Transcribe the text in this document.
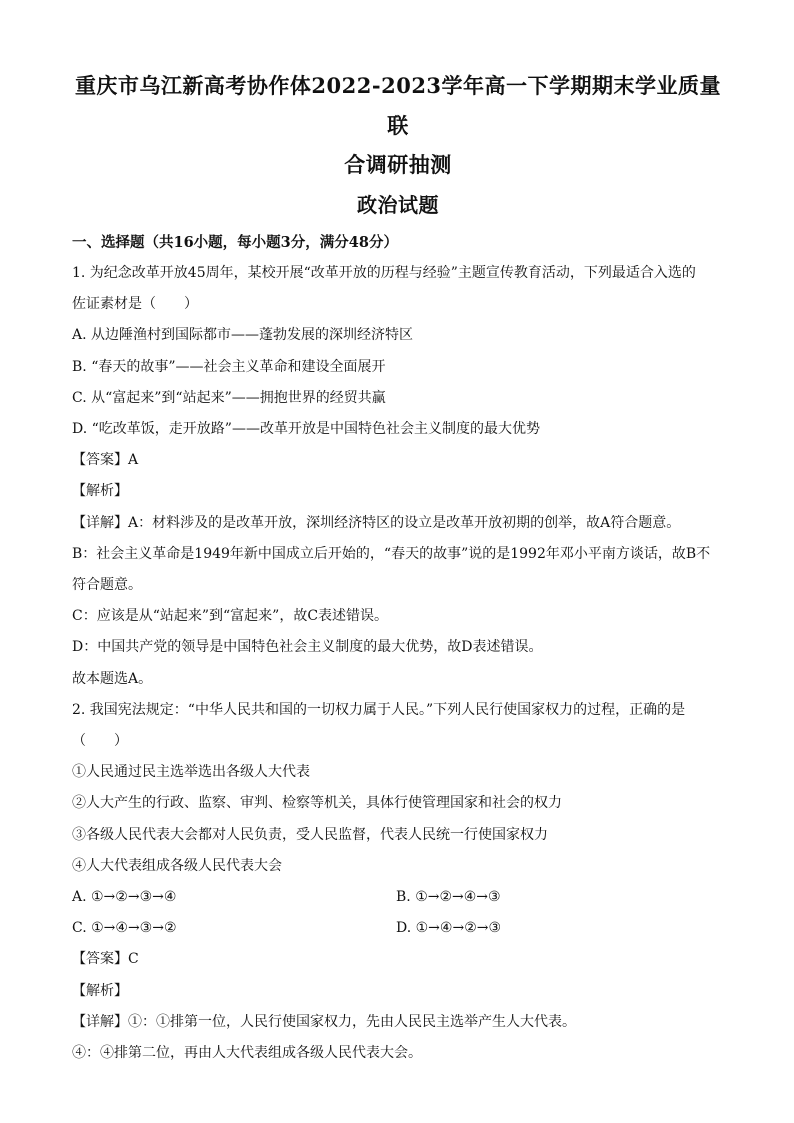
重庆市乌江新高考协作体2022-2023学年高一下学期期末学业质量联
合调研抽测
政治试题

一、选择题（共16小题，每小题3分，满分48分）

1. 为纪念改革开放45周年，某校开展“改革开放的历程与经验”主题宣传教育活动，下列最适合入选的

佐证素材是（　　）

A. 从边陲渔村到国际都市——蓬勃发展的深圳经济特区

B. “春天的故事”——社会主义革命和建设全面展开

C. 从“富起来”到“站起来”——拥抱世界的经贸共赢

D. “吃改革饭，走开放路”——改革开放是中国特色社会主义制度的最大优势

【答案】A

【解析】

【详解】A：材料涉及的是改革开放，深圳经济特区的设立是改革开放初期的创举，故A符合题意。

B：社会主义革命是1949年新中国成立后开始的，“春天的故事”说的是1992年邓小平南方谈话，故B不

符合题意。

C：应该是从“站起来”到“富起来”，故C表述错误。

D：中国共产党的领导是中国特色社会主义制度的最大优势，故D表述错误。

故本题选A。

2. 我国宪法规定：“中华人民共和国的一切权力属于人民。”下列人民行使国家权力的过程，正确的是

（　　）

①人民通过民主选举选出各级人大代表

②人大产生的行政、监察、审判、检察等机关，具体行使管理国家和社会的权力

③各级人民代表大会都对人民负责，受人民监督，代表人民统一行使国家权力

④人大代表组成各级人民代表大会

A. ①→②→③→④	B. ①→②→④→③
C. ①→④→③→②	D. ①→④→②→③

【答案】C

【解析】

【详解】①：①排第一位，人民行使国家权力，先由人民民主选举产生人大代表。

④：④排第二位，再由人大代表组成各级人民代表大会。
